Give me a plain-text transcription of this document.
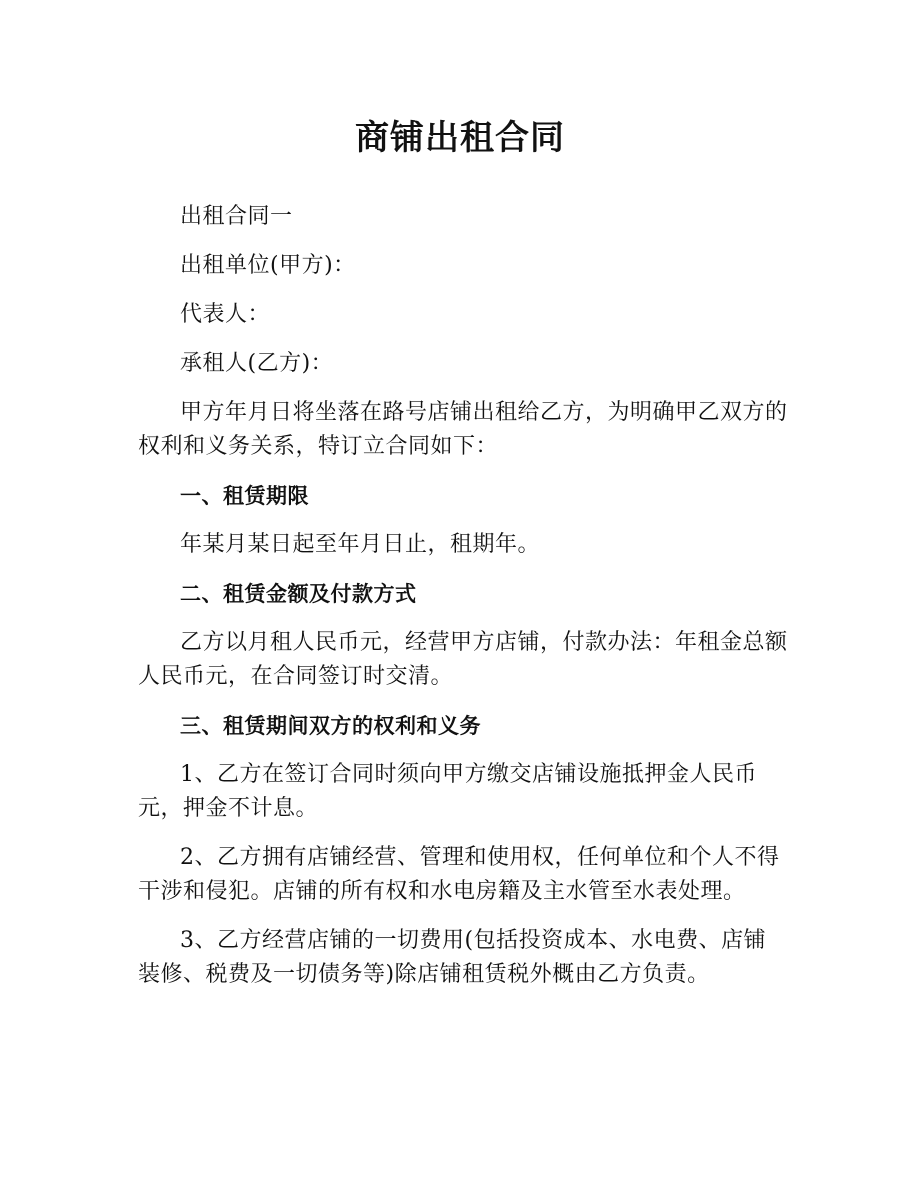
商铺出租合同

出租合同一

出租单位(甲方)：

代表人：

承租人(乙方)：

甲方年月日将坐落在路号店铺出租给乙方，为明确甲乙双方的权利和义务关系，特订立合同如下：

一、租赁期限

年某月某日起至年月日止，租期年。

二、租赁金额及付款方式

乙方以月租人民币元，经营甲方店铺，付款办法：年租金总额人民币元，在合同签订时交清。

三、租赁期间双方的权利和义务

1、乙方在签订合同时须向甲方缴交店铺设施抵押金人民币元，押金不计息。

2、乙方拥有店铺经营、管理和使用权，任何单位和个人不得干涉和侵犯。店铺的所有权和水电房籍及主水管至水表处理。

3、乙方经营店铺的一切费用(包括投资成本、水电费、店铺装修、税费及一切债务等)除店铺租赁税外概由乙方负责。
